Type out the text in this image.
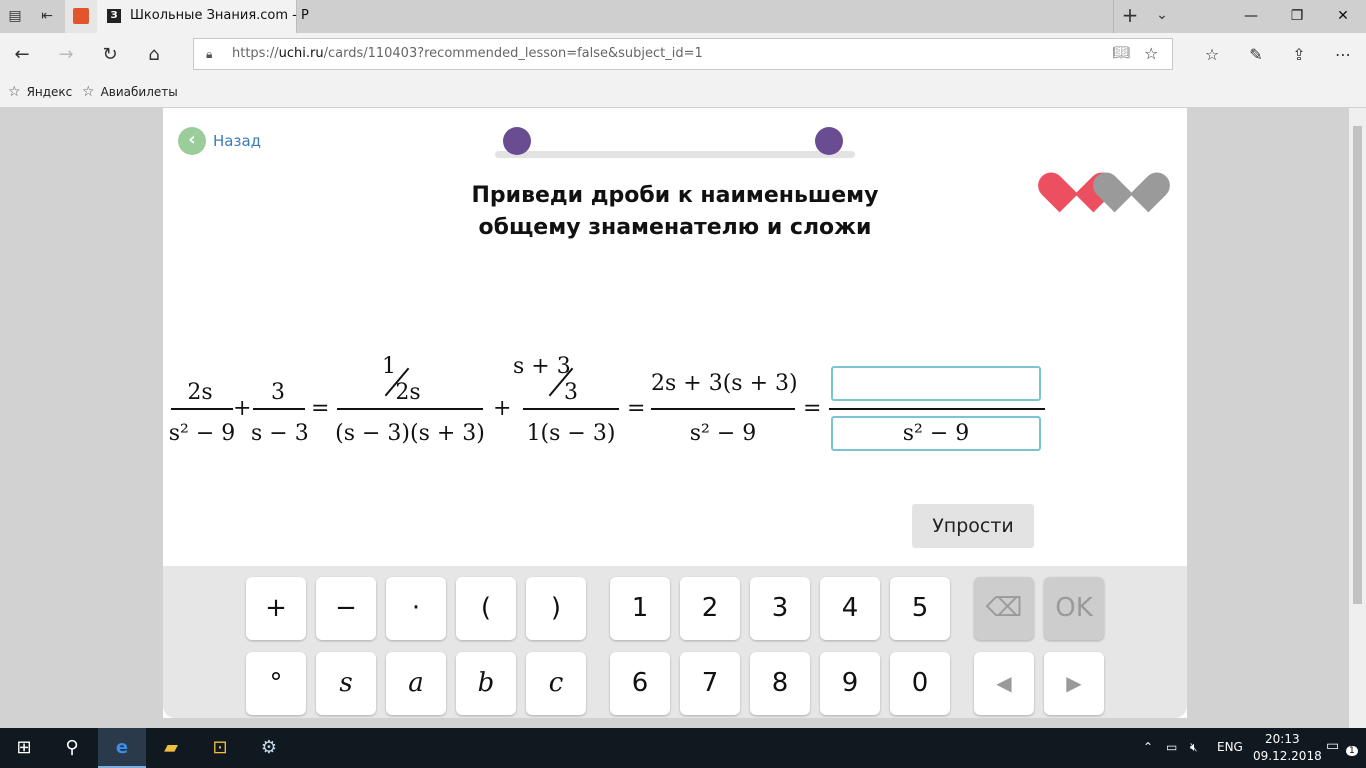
▤ ⇤	З Школьные Знания.com - Р	+ ⌄	—	❐	✕
← → ↻	⌂	☆	✎	⇪	⋯
🔒︎ https://uchi.ru/cards/110403?recommended_lesson=false&subject_id=1	📖︎ ☆
☆ Яндекс ☆ Авиабилеты
‹	Назад
Приведи дроби к наименьшему
общему знаменателю и сложи
2s
s² − 9
+
3
s − 3
=
1
2s
(s − 3)(s + 3)
+
s + 3
3
1(s − 3)
=
2s + 3(s + 3)
s² − 9
=
s² − 9
Упрости
+	−	·	(	)	1	2	3	4	5	⌫	OK
°	s	a	b	c	6	7	8	9	0	◀	▶
⊞	⚲	e	▰	⊡	⚙	⌃ ▭ 🔇︎ ENG
20:13
09.12.2018
▭	1
